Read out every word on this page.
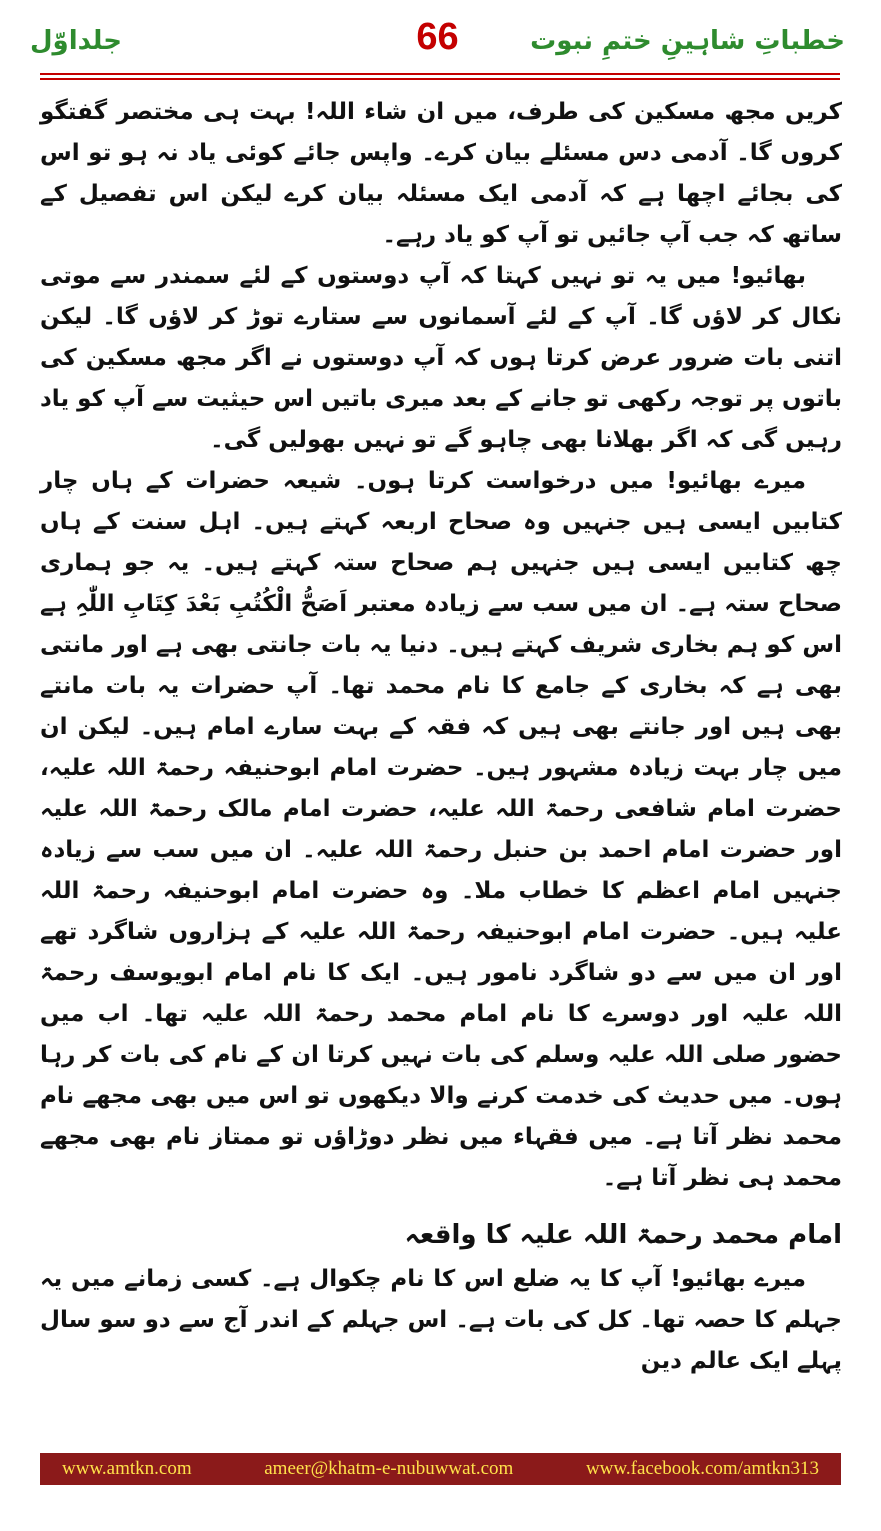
جلداوّل	66	خطباتِ شاہینِ ختمِ نبوت

کریں مجھ مسکین کی طرف، میں ان شاء اللہ! بہت ہی مختصر گفتگو کروں گا۔ آدمی دس مسئلے بیان کرے۔ واپس جائے کوئی یاد نہ ہو تو اس کی بجائے اچھا ہے کہ آدمی ایک مسئلہ بیان کرے لیکن اس تفصیل کے ساتھ کہ جب آپ جائیں تو آپ کو یاد رہے۔

بھائیو! میں یہ تو نہیں کہتا کہ آپ دوستوں کے لئے سمندر سے موتی نکال کر لاؤں گا۔ آپ کے لئے آسمانوں سے ستارے توڑ کر لاؤں گا۔ لیکن اتنی بات ضرور عرض کرتا ہوں کہ آپ دوستوں نے اگر مجھ مسکین کی باتوں پر توجہ رکھی تو جانے کے بعد میری باتیں اس حیثیت سے آپ کو یاد رہیں گی کہ اگر بھلانا بھی چاہو گے تو نہیں بھولیں گی۔

میرے بھائیو! میں درخواست کرتا ہوں۔ شیعہ حضرات کے ہاں چار کتابیں ایسی ہیں جنہیں وہ صحاح اربعہ کہتے ہیں۔ اہل سنت کے ہاں چھ کتابیں ایسی ہیں جنہیں ہم صحاح ستہ کہتے ہیں۔ یہ جو ہماری صحاح ستہ ہے۔ ان میں سب سے زیادہ معتبر اَصَحُّ الْکُتُبِ بَعْدَ کِتَابِ اللّٰہِ ہے اس کو ہم بخاری شریف کہتے ہیں۔ دنیا یہ بات جانتی بھی ہے اور مانتی بھی ہے کہ بخاری کے جامع کا نام محمد تھا۔ آپ حضرات یہ بات مانتے بھی ہیں اور جانتے بھی ہیں کہ فقہ کے بہت سارے امام ہیں۔ لیکن ان میں چار بہت زیادہ مشہور ہیں۔ حضرت امام ابوحنیفہ رحمۃ اللہ علیہ، حضرت امام شافعی رحمۃ اللہ علیہ، حضرت امام مالک رحمۃ اللہ علیہ اور حضرت امام احمد بن حنبل رحمۃ اللہ علیہ۔ ان میں سب سے زیادہ جنہیں امام اعظم کا خطاب ملا۔ وہ حضرت امام ابوحنیفہ رحمۃ اللہ علیہ ہیں۔ حضرت امام ابوحنیفہ رحمۃ اللہ علیہ کے ہزاروں شاگرد تھے اور ان میں سے دو شاگرد نامور ہیں۔ ایک کا نام امام ابویوسف رحمۃ اللہ علیہ اور دوسرے کا نام امام محمد رحمۃ اللہ علیہ تھا۔ اب میں حضور صلی اللہ علیہ وسلم کی بات نہیں کرتا ان کے نام کی بات کر رہا ہوں۔ میں حدیث کی خدمت کرنے والا دیکھوں تو اس میں بھی مجھے نام محمد نظر آتا ہے۔ میں فقہاء میں نظر دوڑاؤں تو ممتاز نام بھی مجھے محمد ہی نظر آتا ہے۔

امام محمد رحمۃ اللہ علیہ کا واقعہ

میرے بھائیو! آپ کا یہ ضلع اس کا نام چکوال ہے۔ کسی زمانے میں یہ جہلم کا حصہ تھا۔ کل کی بات ہے۔ اس جہلم کے اندر آج سے دو سو سال پہلے ایک عالم دین

www.amtkn.com	ameer@khatm-e-nubuwwat.com	www.facebook.com/amtkn313
